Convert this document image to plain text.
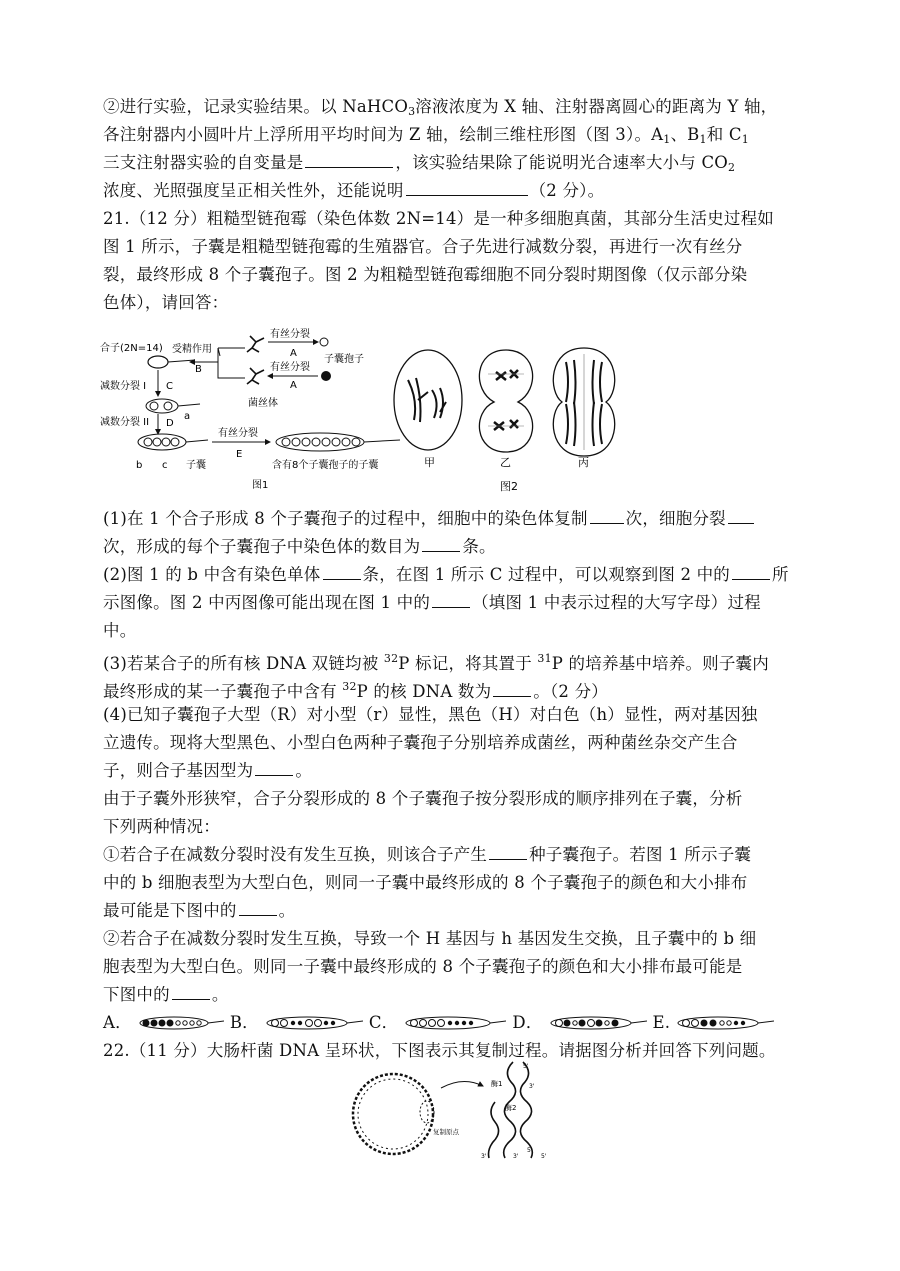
②进行实验，记录实验结果。以 NaHCO$_3$溶液浓度为 X 轴、注射器离圆心的距离为 Y 轴，
各注射器内小圆叶片上浮所用平均时间为 Z 轴，绘制三维柱形图（图 3）。$A_1$、$B_1$和 $C_1$
三支注射器实验的自变量是	，该实验结果除了能说明光合速率大小与 $CO_2$
浓度、光照强度呈正相关性外，还能说明	（2 分）。
21.（12 分）粗糙型链孢霉（染色体数 2N=14）是一种多细胞真菌，其部分生活史过程如
图 1 所示，子囊是粗糙型链孢霉的生殖器官。合子先进行减数分裂，再进行一次有丝分
裂，最终形成 8 个子囊孢子。图 2 为粗糙型链孢霉细胞不同分裂时期图像（仅示部分染
色体），请回答：
合子(2N=14) 受精作用
B
有丝分裂
A
子囊孢子
有丝分裂
A
菌丝体
减数分裂 I C
a
减数分裂 II D
b c 子囊
有丝分裂
E
含有8个子囊孢子的子囊
图1
甲	乙	丙
图2
(1)在 1 个合子形成 8 个子囊孢子的过程中，细胞中的染色体复制 次，细胞分裂
次，形成的每个子囊孢子中染色体的数目为	条。
(2)图 1 的 b 中含有染色单体	条，在图 1 所示 C 过程中，可以观察到图 2 中的	所
示图像。图 2 中丙图像可能出现在图 1 中的	（填图 1 中表示过程的大写字母）过程
中。
(3)若某合子的所有核 DNA 双链均被 $^{32}$P 标记，将其置于 $^{31}$P 的培养基中培养。则子囊内
最终形成的某一子囊孢子中含有 $^{32}$P 的核 DNA 数为	。（2 分）
(4)已知子囊孢子大型（R）对小型（r）显性，黑色（H）对白色（h）显性，两对基因独
立遗传。现将大型黑色、小型白色两种子囊孢子分别培养成菌丝，两种菌丝杂交产生合
子，则合子基因型为	。
由于子囊外形狭窄，合子分裂形成的 8 个子囊孢子按分裂形成的顺序排列在子囊，分析
下列两种情况：
①若合子在减数分裂时没有发生互换，则该合子产生	种子囊孢子。若图 1 所示子囊
中的 b 细胞表型为大型白色，则同一子囊中最终形成的 8 个子囊孢子的颜色和大小排布
最可能是下图中的	。
②若合子在减数分裂时发生互换，导致一个 H 基因与 h 基因发生交换，且子囊中的 b 细
胞表型为大型白色。则同一子囊中最终形成的 8 个子囊孢子的颜色和大小排布最可能是
下图中的	。
A．	B．	C．	D．	E.
22.（11 分）大肠杆菌 DNA 呈环状，下图表示其复制过程。请据图分析并回答下列问题。
复制原点
酶1
酶2
5'
3'
5'
3'	3'
5'
